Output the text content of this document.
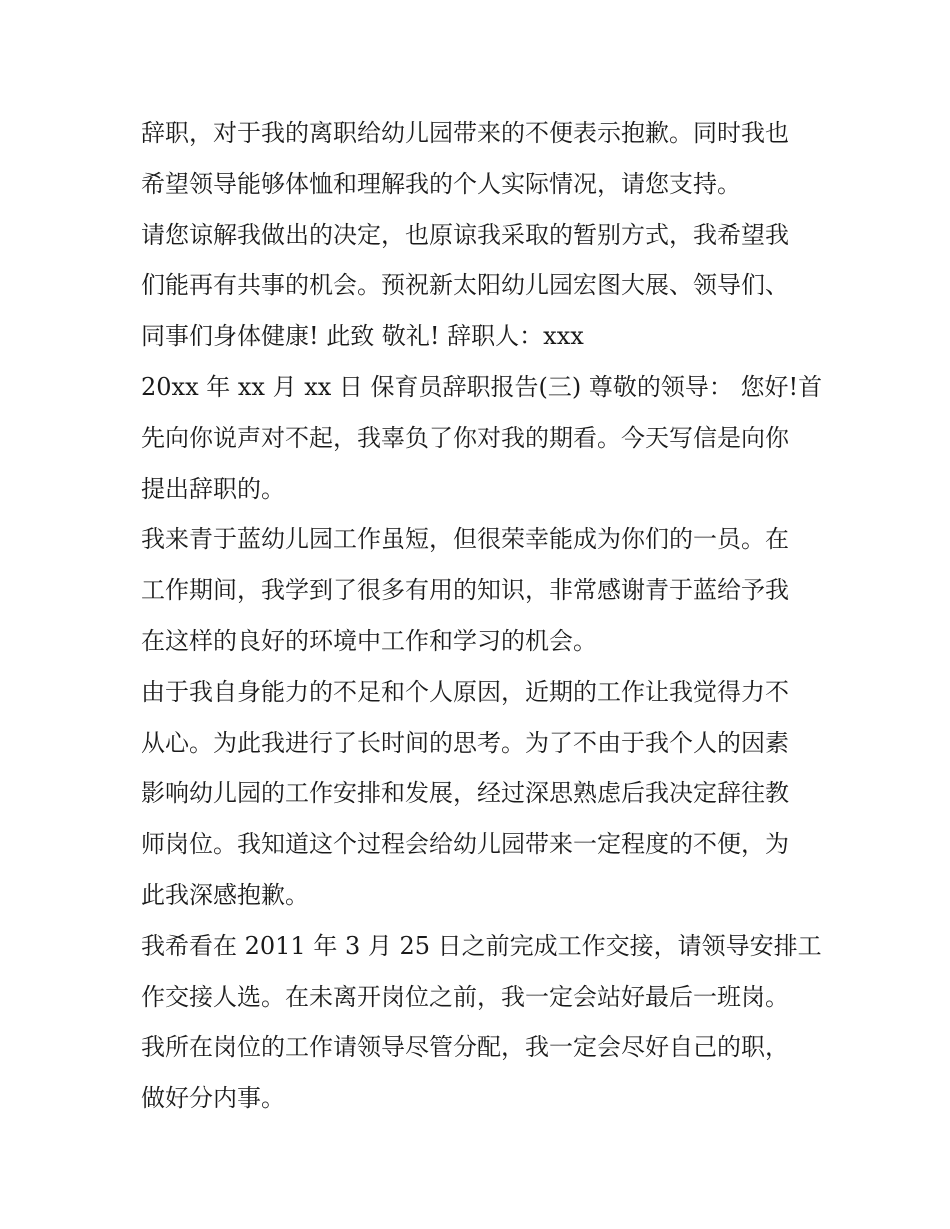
辞职，对于我的离职给幼儿园带来的不便表示抱歉。同时我也
希望领导能够体恤和理解我的个人实际情况，请您支持。
请您谅解我做出的决定，也原谅我采取的暂别方式，我希望我
们能再有共事的机会。预祝新太阳幼儿园宏图大展、领导们、
同事们身体健康! 此致 敬礼! 辞职人：xxx
20xx 年 xx 月 xx 日 保育员辞职报告(三) 尊敬的领导： 您好!首
先向你说声对不起，我辜负了你对我的期看。今天写信是向你
提出辞职的。
我来青于蓝幼儿园工作虽短，但很荣幸能成为你们的一员。在
工作期间，我学到了很多有用的知识，非常感谢青于蓝给予我
在这样的良好的环境中工作和学习的机会。
由于我自身能力的不足和个人原因，近期的工作让我觉得力不
从心。为此我进行了长时间的思考。为了不由于我个人的因素
影响幼儿园的工作安排和发展，经过深思熟虑后我决定辞往教
师岗位。我知道这个过程会给幼儿园带来一定程度的不便，为
此我深感抱歉。
我希看在 2011 年 3 月 25 日之前完成工作交接，请领导安排工
作交接人选。在未离开岗位之前，我一定会站好最后一班岗。
我所在岗位的工作请领导尽管分配，我一定会尽好自己的职，
做好分内事。
